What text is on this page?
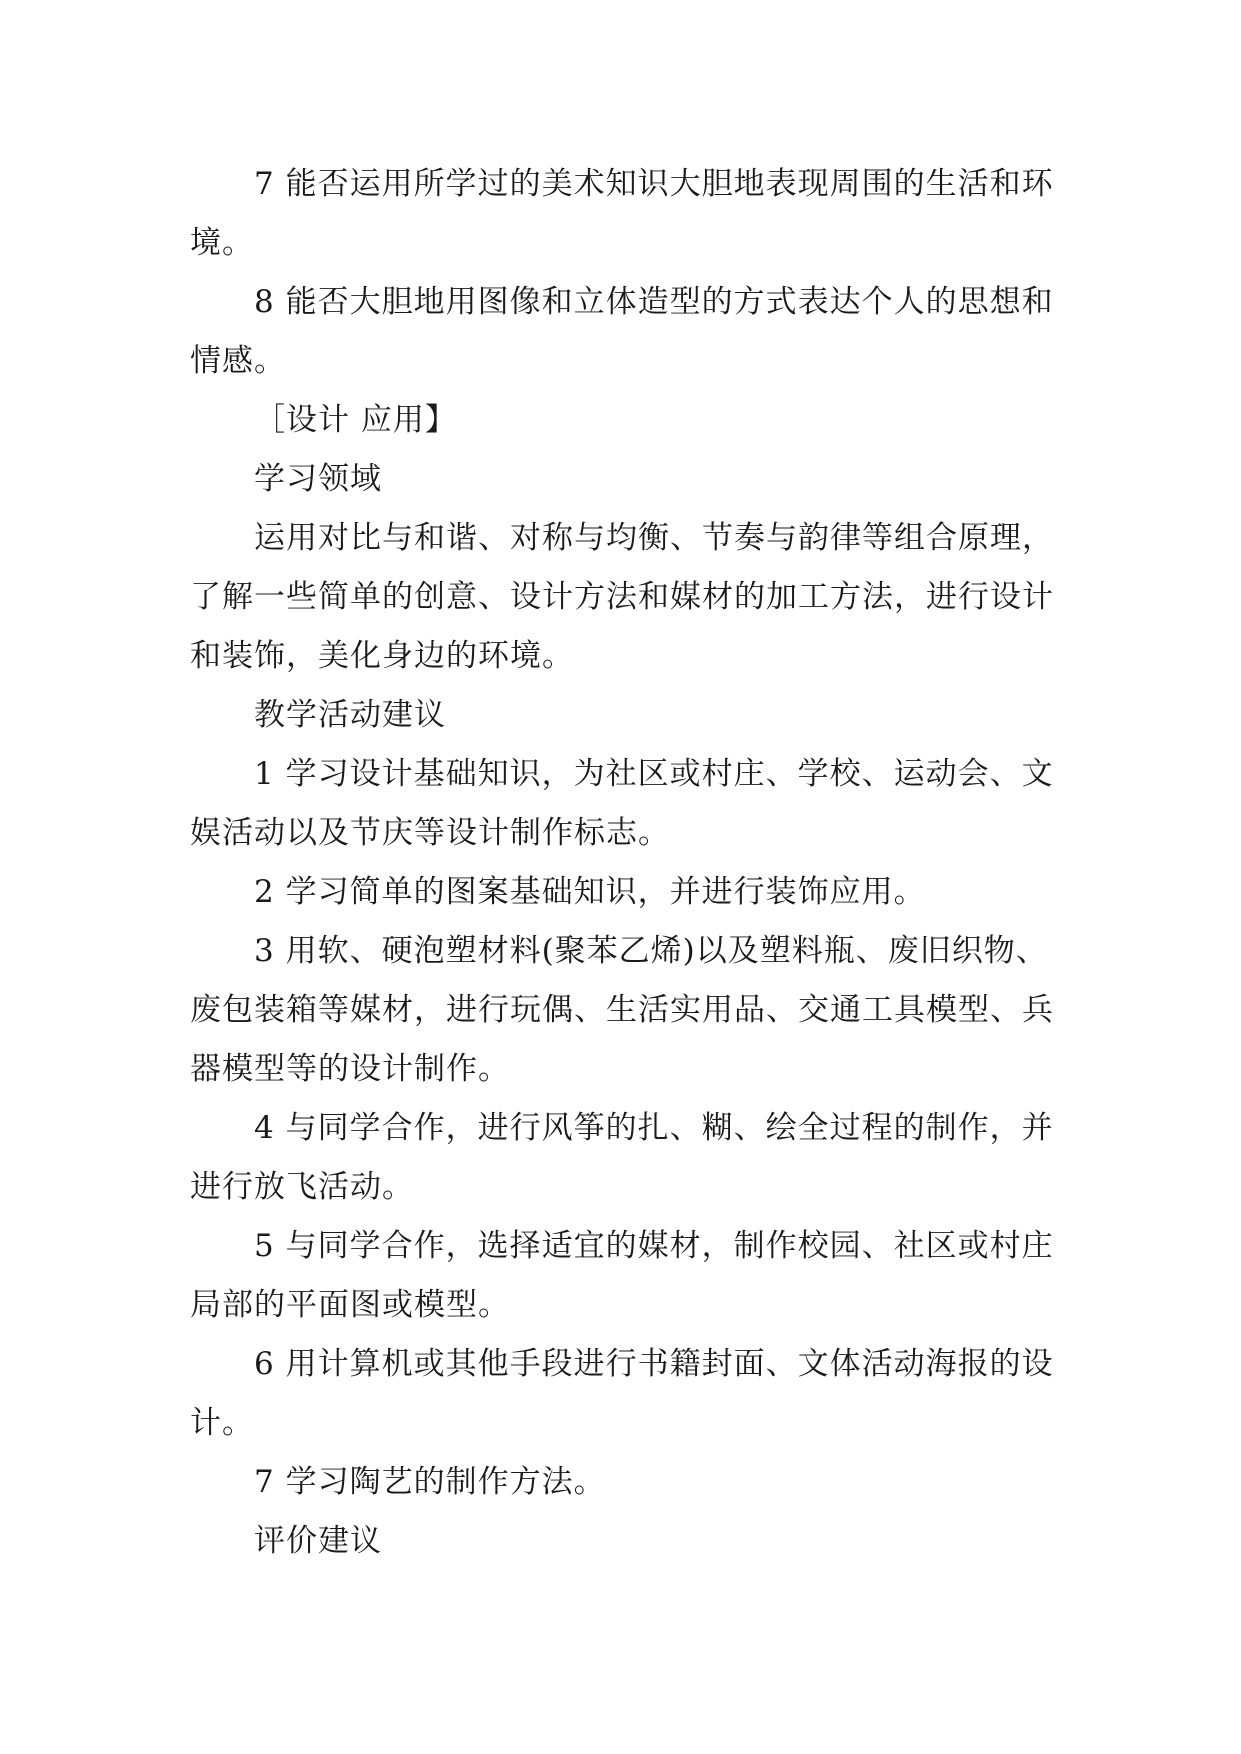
7 能否运用所学过的美术知识大胆地表现周围的生活和环境。

8 能否大胆地用图像和立体造型的方式表达个人的思想和情感。

［设计 应用】

学习领域

运用对比与和谐、对称与均衡、节奏与韵律等组合原理，了解一些简单的创意、设计方法和媒材的加工方法，进行设计和装饰，美化身边的环境。

教学活动建议

1 学习设计基础知识，为社区或村庄、学校、运动会、文娱活动以及节庆等设计制作标志。

2 学习简单的图案基础知识，并进行装饰应用。

3 用软、硬泡塑材料(聚苯乙烯)以及塑料瓶、废旧织物、废包装箱等媒材，进行玩偶、生活实用品、交通工具模型、兵器模型等的设计制作。

4 与同学合作，进行风筝的扎、糊、绘全过程的制作，并进行放飞活动。

5 与同学合作，选择适宜的媒材，制作校园、社区或村庄局部的平面图或模型。

6 用计算机或其他手段进行书籍封面、文体活动海报的设计。

7 学习陶艺的制作方法。

评价建议
